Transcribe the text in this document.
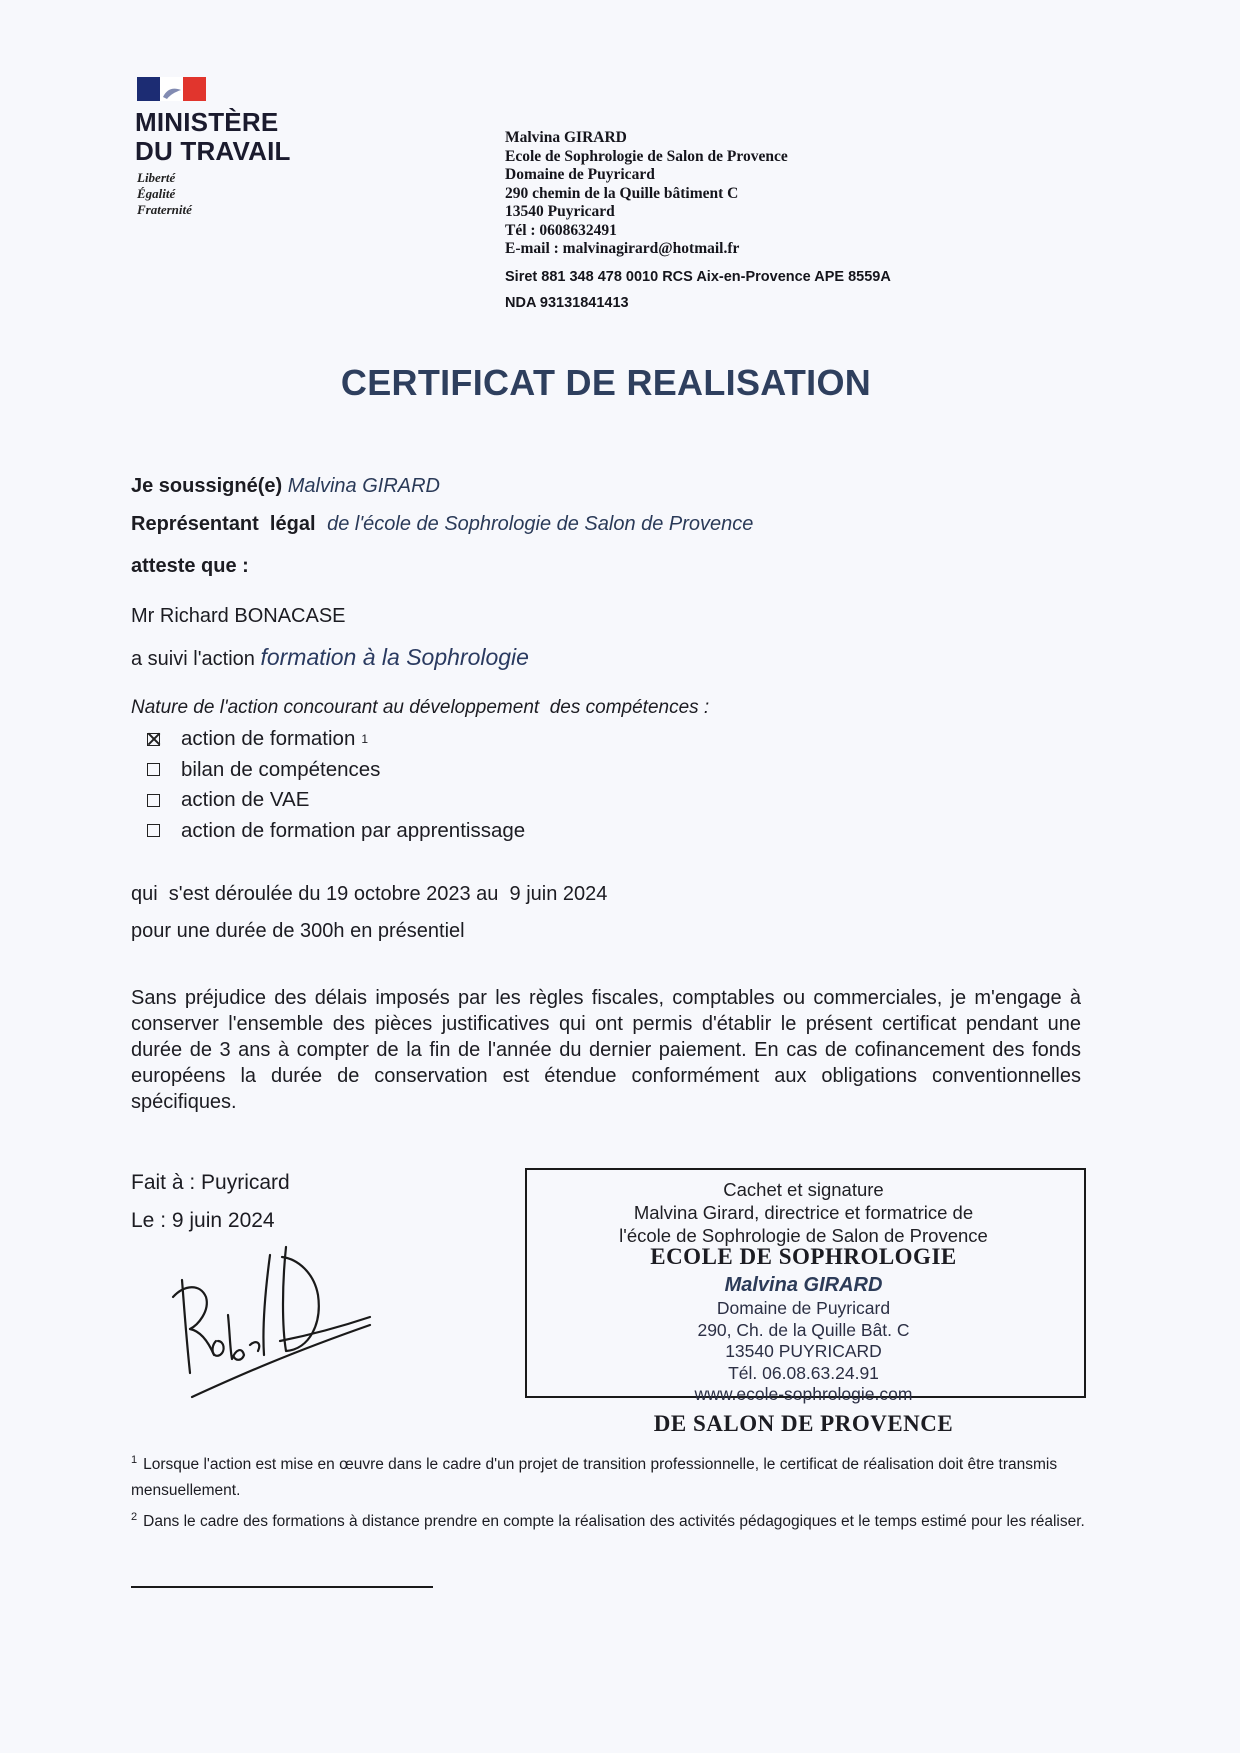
MINISTÈRE
DU TRAVAIL
Liberté
Égalité
Fraternité
Malvina GIRARD
Ecole de Sophrologie de Salon de Provence
Domaine de Puyricard
290 chemin de la Quille bâtiment C
13540 Puyricard
Tél : 0608632491
E-mail : malvinagirard@hotmail.fr
Siret 881 348 478 0010 RCS Aix-en-Provence APE 8559A
NDA 93131841413
CERTIFICAT DE REALISATION
Je soussigné(e) Malvina GIRARD
Représentant  légal de l'école de Sophrologie de Salon de Provence
atteste que :
Mr Richard BONACASE
a suivi l'action formation à la Sophrologie
Nature de l'action concourant au développement  des compétences :
action de formation 1
bilan de compétences
action de VAE
action de formation par apprentissage
qui  s'est déroulée du 19 octobre 2023 au  9 juin 2024
pour une durée de 300h en présentiel
Sans préjudice des délais imposés par les règles fiscales, comptables ou commerciales, je m'engage à conserver l'ensemble des pièces justificatives qui ont permis d'établir le présent certificat pendant une durée de 3 ans à compter de la fin de l'année du dernier paiement. En cas de cofinancement des fonds européens la durée de conservation est étendue conformément aux obligations conventionnelles spécifiques.
Fait à : Puyricard
Le : 9 juin 2024
Cachet et signature
Malvina Girard, directrice et formatrice de
l'école de Sophrologie de Salon de Provence
ECOLE DE SOPHROLOGIE
Malvina GIRARD
Domaine de Puyricard
290, Ch. de la Quille Bât. C
13540 PUYRICARD
Tél. 06.08.63.24.91
www.ecole-sophrologie.com
DE SALON DE PROVENCE
$^1$ Lorsque l'action est mise en œuvre dans le cadre d'un projet de transition professionnelle, le certificat de réalisation doit être transmis mensuellement.
$^2$ Dans le cadre des formations à distance prendre en compte la réalisation des activités pédagogiques et le temps estimé pour les réaliser.
